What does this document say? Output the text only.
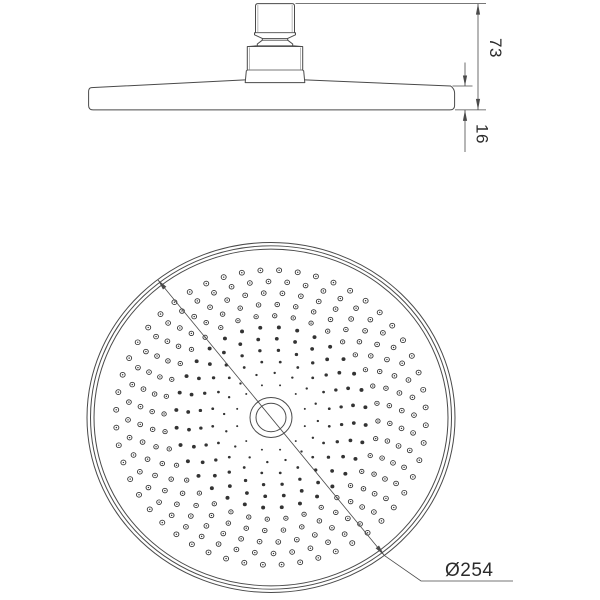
73
16
Ø254
